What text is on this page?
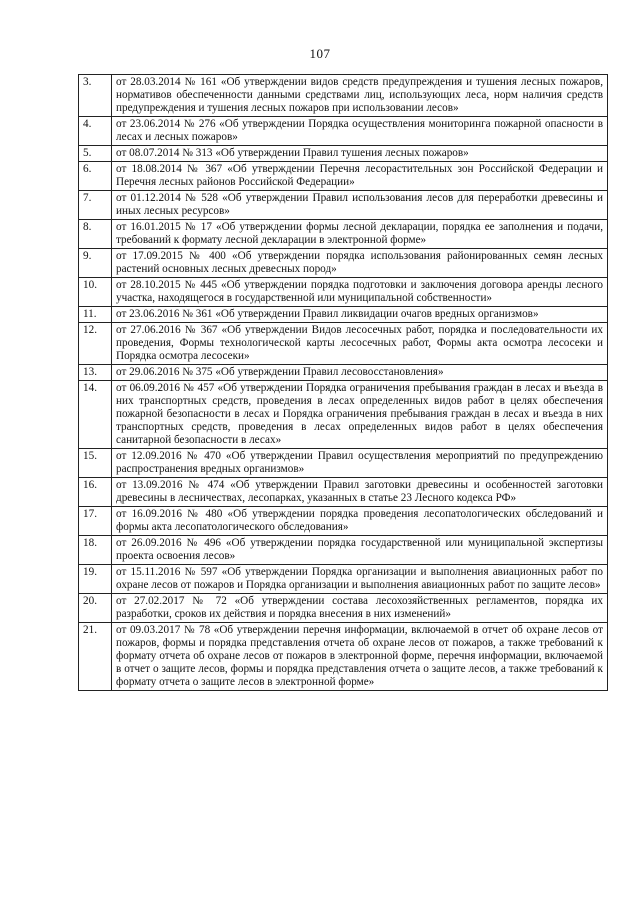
107
3.	от 28.03.2014 № 161 «Об утверждении видов средств предупреждения и тушения лесных пожаров, нормативов обеспеченности данными средствами лиц, использующих леса, норм наличия средств предупреждения и тушения лесных пожаров при использовании лесов»
4.	от 23.06.2014 № 276 «Об утверждении Порядка осуществления мониторинга пожарной опасности в лесах и лесных пожаров»
5.	от 08.07.2014 № 313 «Об утверждении Правил тушения лесных пожаров»
6.	от 18.08.2014 № 367 «Об утверждении Перечня лесорастительных зон Российской Федерации и Перечня лесных районов Российской Федерации»
7.	от 01.12.2014 № 528 «Об утверждении Правил использования лесов для переработки древесины и иных лесных ресурсов»
8.	от 16.01.2015 № 17 «Об утверждении формы лесной декларации, порядка ее заполнения и подачи, требований к формату лесной декларации в электронной форме»
9.	от 17.09.2015 № 400 «Об утверждении порядка использования районированных семян лесных растений основных лесных древесных пород»
10.	от 28.10.2015 № 445 «Об утверждении порядка подготовки и заключения договора аренды лесного участка, находящегося в государственной или муниципальной собственности»
11.	от 23.06.2016 № 361 «Об утверждении Правил ликвидации очагов вредных организмов»
12.	от 27.06.2016 № 367 «Об утверждении Видов лесосечных работ, порядка и последовательности их проведения, Формы технологической карты лесосечных работ, Формы акта осмотра лесосеки и Порядка осмотра лесосеки»
13.	от 29.06.2016 № 375 «Об утверждении Правил лесовосстановления»
14.	от 06.09.2016 № 457 «Об утверждении Порядка ограничения пребывания граждан в лесах и въезда в них транспортных средств, проведения в лесах определенных видов работ в целях обеспечения пожарной безопасности в лесах и Порядка ограничения пребывания граждан в лесах и въезда в них транспортных средств, проведения в лесах определенных видов работ в целях обеспечения санитарной безопасности в лесах»
15.	от 12.09.2016 № 470 «Об утверждении Правил осуществления мероприятий по предупреждению распространения вредных организмов»
16.	от 13.09.2016 № 474 «Об утверждении Правил заготовки древесины и особенностей заготовки древесины в лесничествах, лесопарках, указанных в статье 23 Лесного кодекса РФ»
17.	от 16.09.2016 № 480 «Об утверждении порядка проведения лесопатологических обследований и формы акта лесопатологического обследования»
18.	от 26.09.2016 № 496 «Об утверждении порядка государственной или муниципальной экспертизы проекта освоения лесов»
19.	от 15.11.2016 № 597 «Об утверждении Порядка организации и выполнения авиационных работ по охране лесов от пожаров и Порядка организации и выполнения авиационных работ по защите лесов»
20.	от 27.02.2017 № 72 «Об утверждении состава лесохозяйственных регламентов, порядка их разработки, сроков их действия и порядка внесения в них изменений»
21.	от 09.03.2017 № 78 «Об утверждении перечня информации, включаемой в отчет об охране лесов от пожаров, формы и порядка представления отчета об охране лесов от пожаров, а также требований к формату отчета об охране лесов от пожаров в электронной форме, перечня информации, включаемой в отчет о защите лесов, формы и порядка представления отчета о защите лесов, а также требований к формату отчета о защите лесов в электронной форме»
